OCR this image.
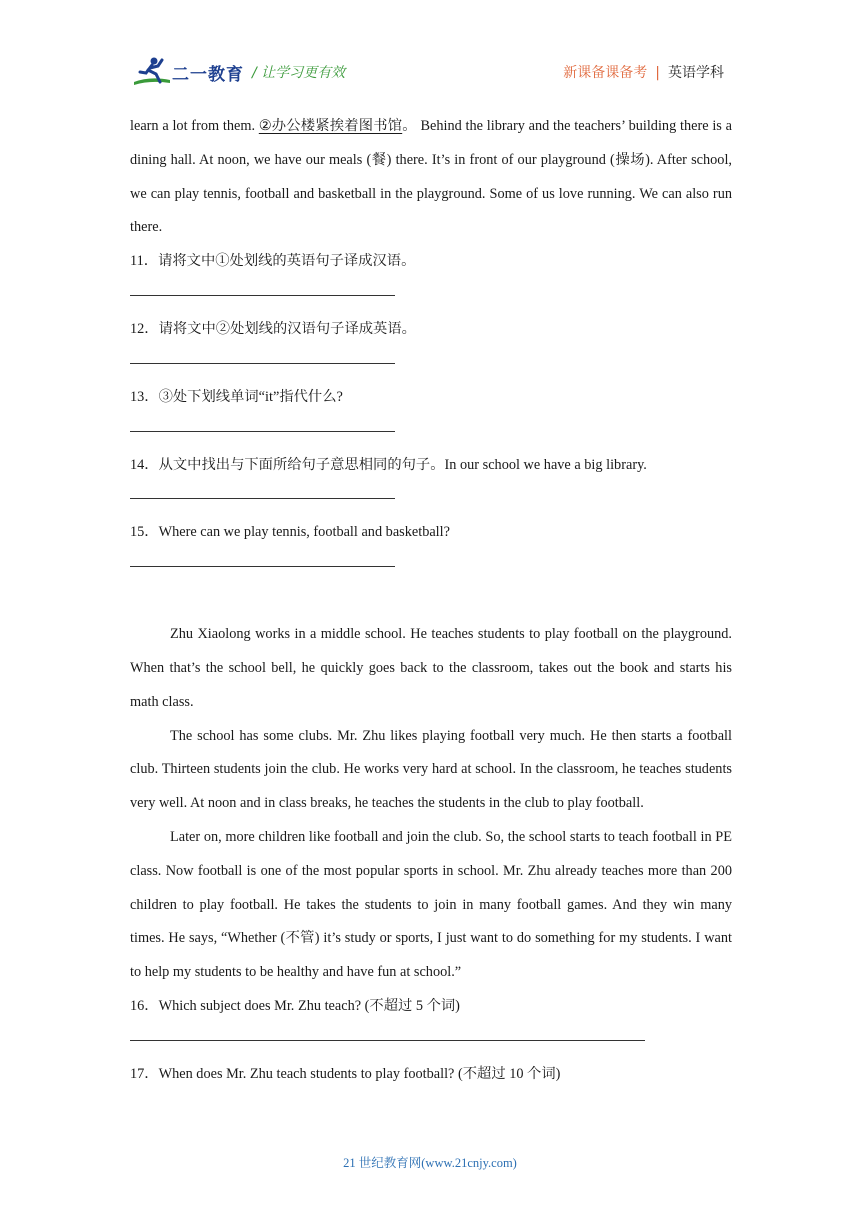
二一教育 / 让学习更有效	新课备课备考 | 英语学科

learn a lot from them. ②办公楼紧挨着图书馆。 Behind the library and the teachers’ building there is a dining hall. At noon, we have our meals (餐) there. It’s in front of our playground (操场). After school, we can play tennis, football and basketball in the playground. Some of us love running. We can also run there.

11．请将文中①处划线的英语句子译成汉语。

12．请将文中②处划线的汉语句子译成英语。

13．③处下划线单词“it”指代什么?

14．从文中找出与下面所给句子意思相同的句子。In our school we have a big library.

15．Where can we play tennis, football and basketball?

Zhu Xiaolong works in a middle school. He teaches students to play football on the playground. When that’s the school bell, he quickly goes back to the classroom, takes out the book and starts his math class.

The school has some clubs. Mr. Zhu likes playing football very much. He then starts a football club. Thirteen students join the club. He works very hard at school. In the classroom, he teaches students very well. At noon and in class breaks, he teaches the students in the club to play football.

Later on, more children like football and join the club. So, the school starts to teach football in PE class. Now football is one of the most popular sports in school. Mr. Zhu already teaches more than 200 children to play football. He takes the students to join in many football games. And they win many times. He says, “Whether (不管) it’s study or sports, I just want to do something for my students. I want to help my students to be healthy and have fun at school.”

16．Which subject does Mr. Zhu teach? (不超过 5 个词)

17．When does Mr. Zhu teach students to play football? (不超过 10 个词)

21 世纪教育网(www.21cnjy.com)
